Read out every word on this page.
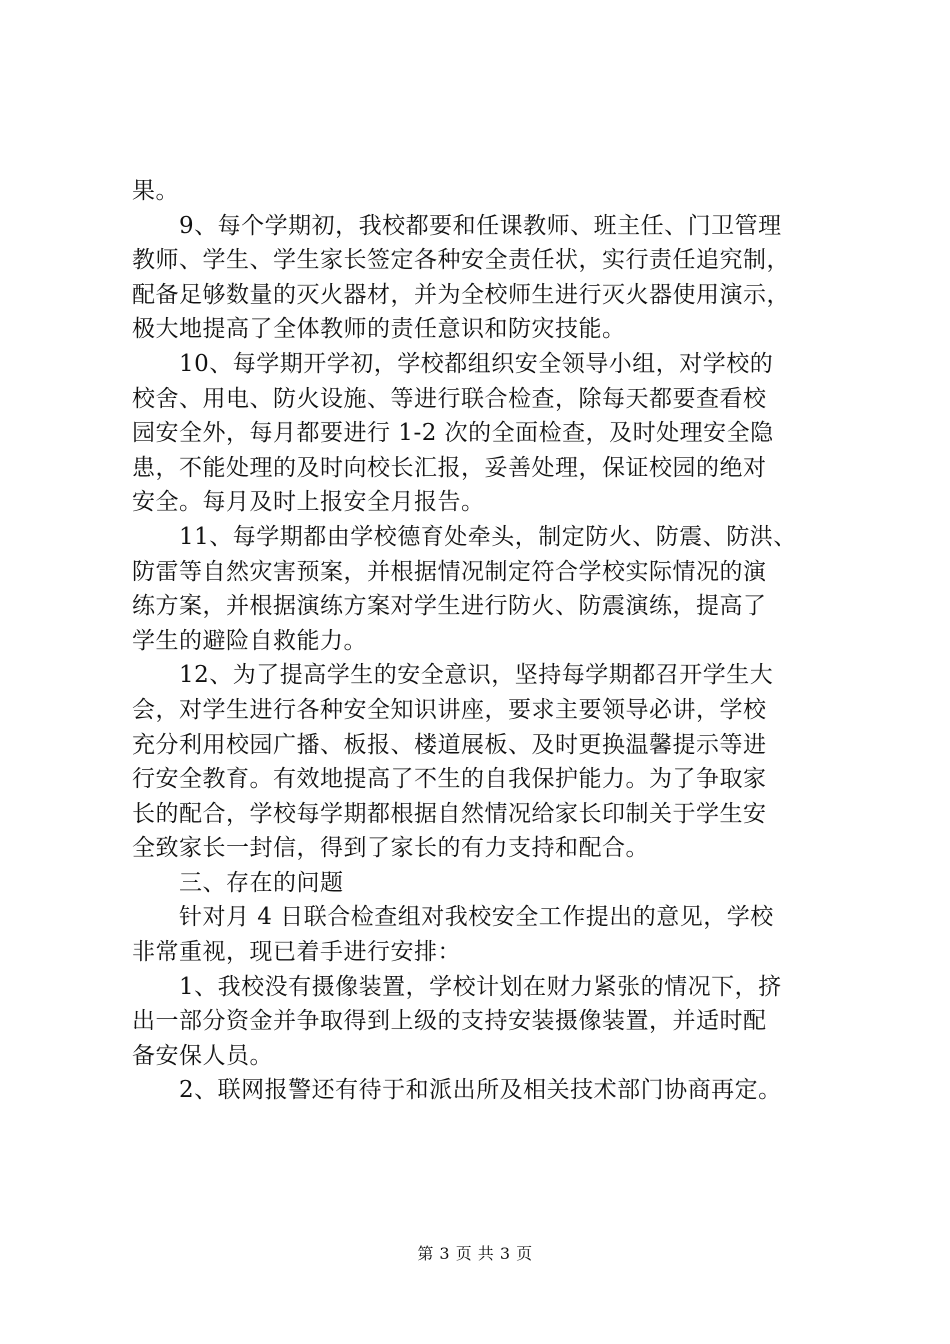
果。
9、每个学期初，我校都要和任课教师、班主任、门卫管理
教师、学生、学生家长签定各种安全责任状，实行责任追究制，
配备足够数量的灭火器材，并为全校师生进行灭火器使用演示，
极大地提高了全体教师的责任意识和防灾技能。
10、每学期开学初，学校都组织安全领导小组，对学校的
校舍、用电、防火设施、等进行联合检查，除每天都要查看校
园安全外，每月都要进行 1-2 次的全面检查，及时处理安全隐
患，不能处理的及时向校长汇报，妥善处理，保证校园的绝对
安全。每月及时上报安全月报告。
11、每学期都由学校德育处牵头，制定防火、防震、防洪、
防雷等自然灾害预案，并根据情况制定符合学校实际情况的演
练方案，并根据演练方案对学生进行防火、防震演练，提高了
学生的避险自救能力。
12、为了提高学生的安全意识，坚持每学期都召开学生大
会，对学生进行各种安全知识讲座，要求主要领导必讲，学校
充分利用校园广播、板报、楼道展板、及时更换温馨提示等进
行安全教育。有效地提高了不生的自我保护能力。为了争取家
长的配合，学校每学期都根据自然情况给家长印制关于学生安
全致家长一封信，得到了家长的有力支持和配合。
三、存在的问题
针对月 4 日联合检查组对我校安全工作提出的意见，学校
非常重视，现已着手进行安排：
1、我校没有摄像装置，学校计划在财力紧张的情况下，挤
出一部分资金并争取得到上级的支持安装摄像装置，并适时配
备安保人员。
2、联网报警还有待于和派出所及相关技术部门协商再定。
第 3 页 共 3 页
